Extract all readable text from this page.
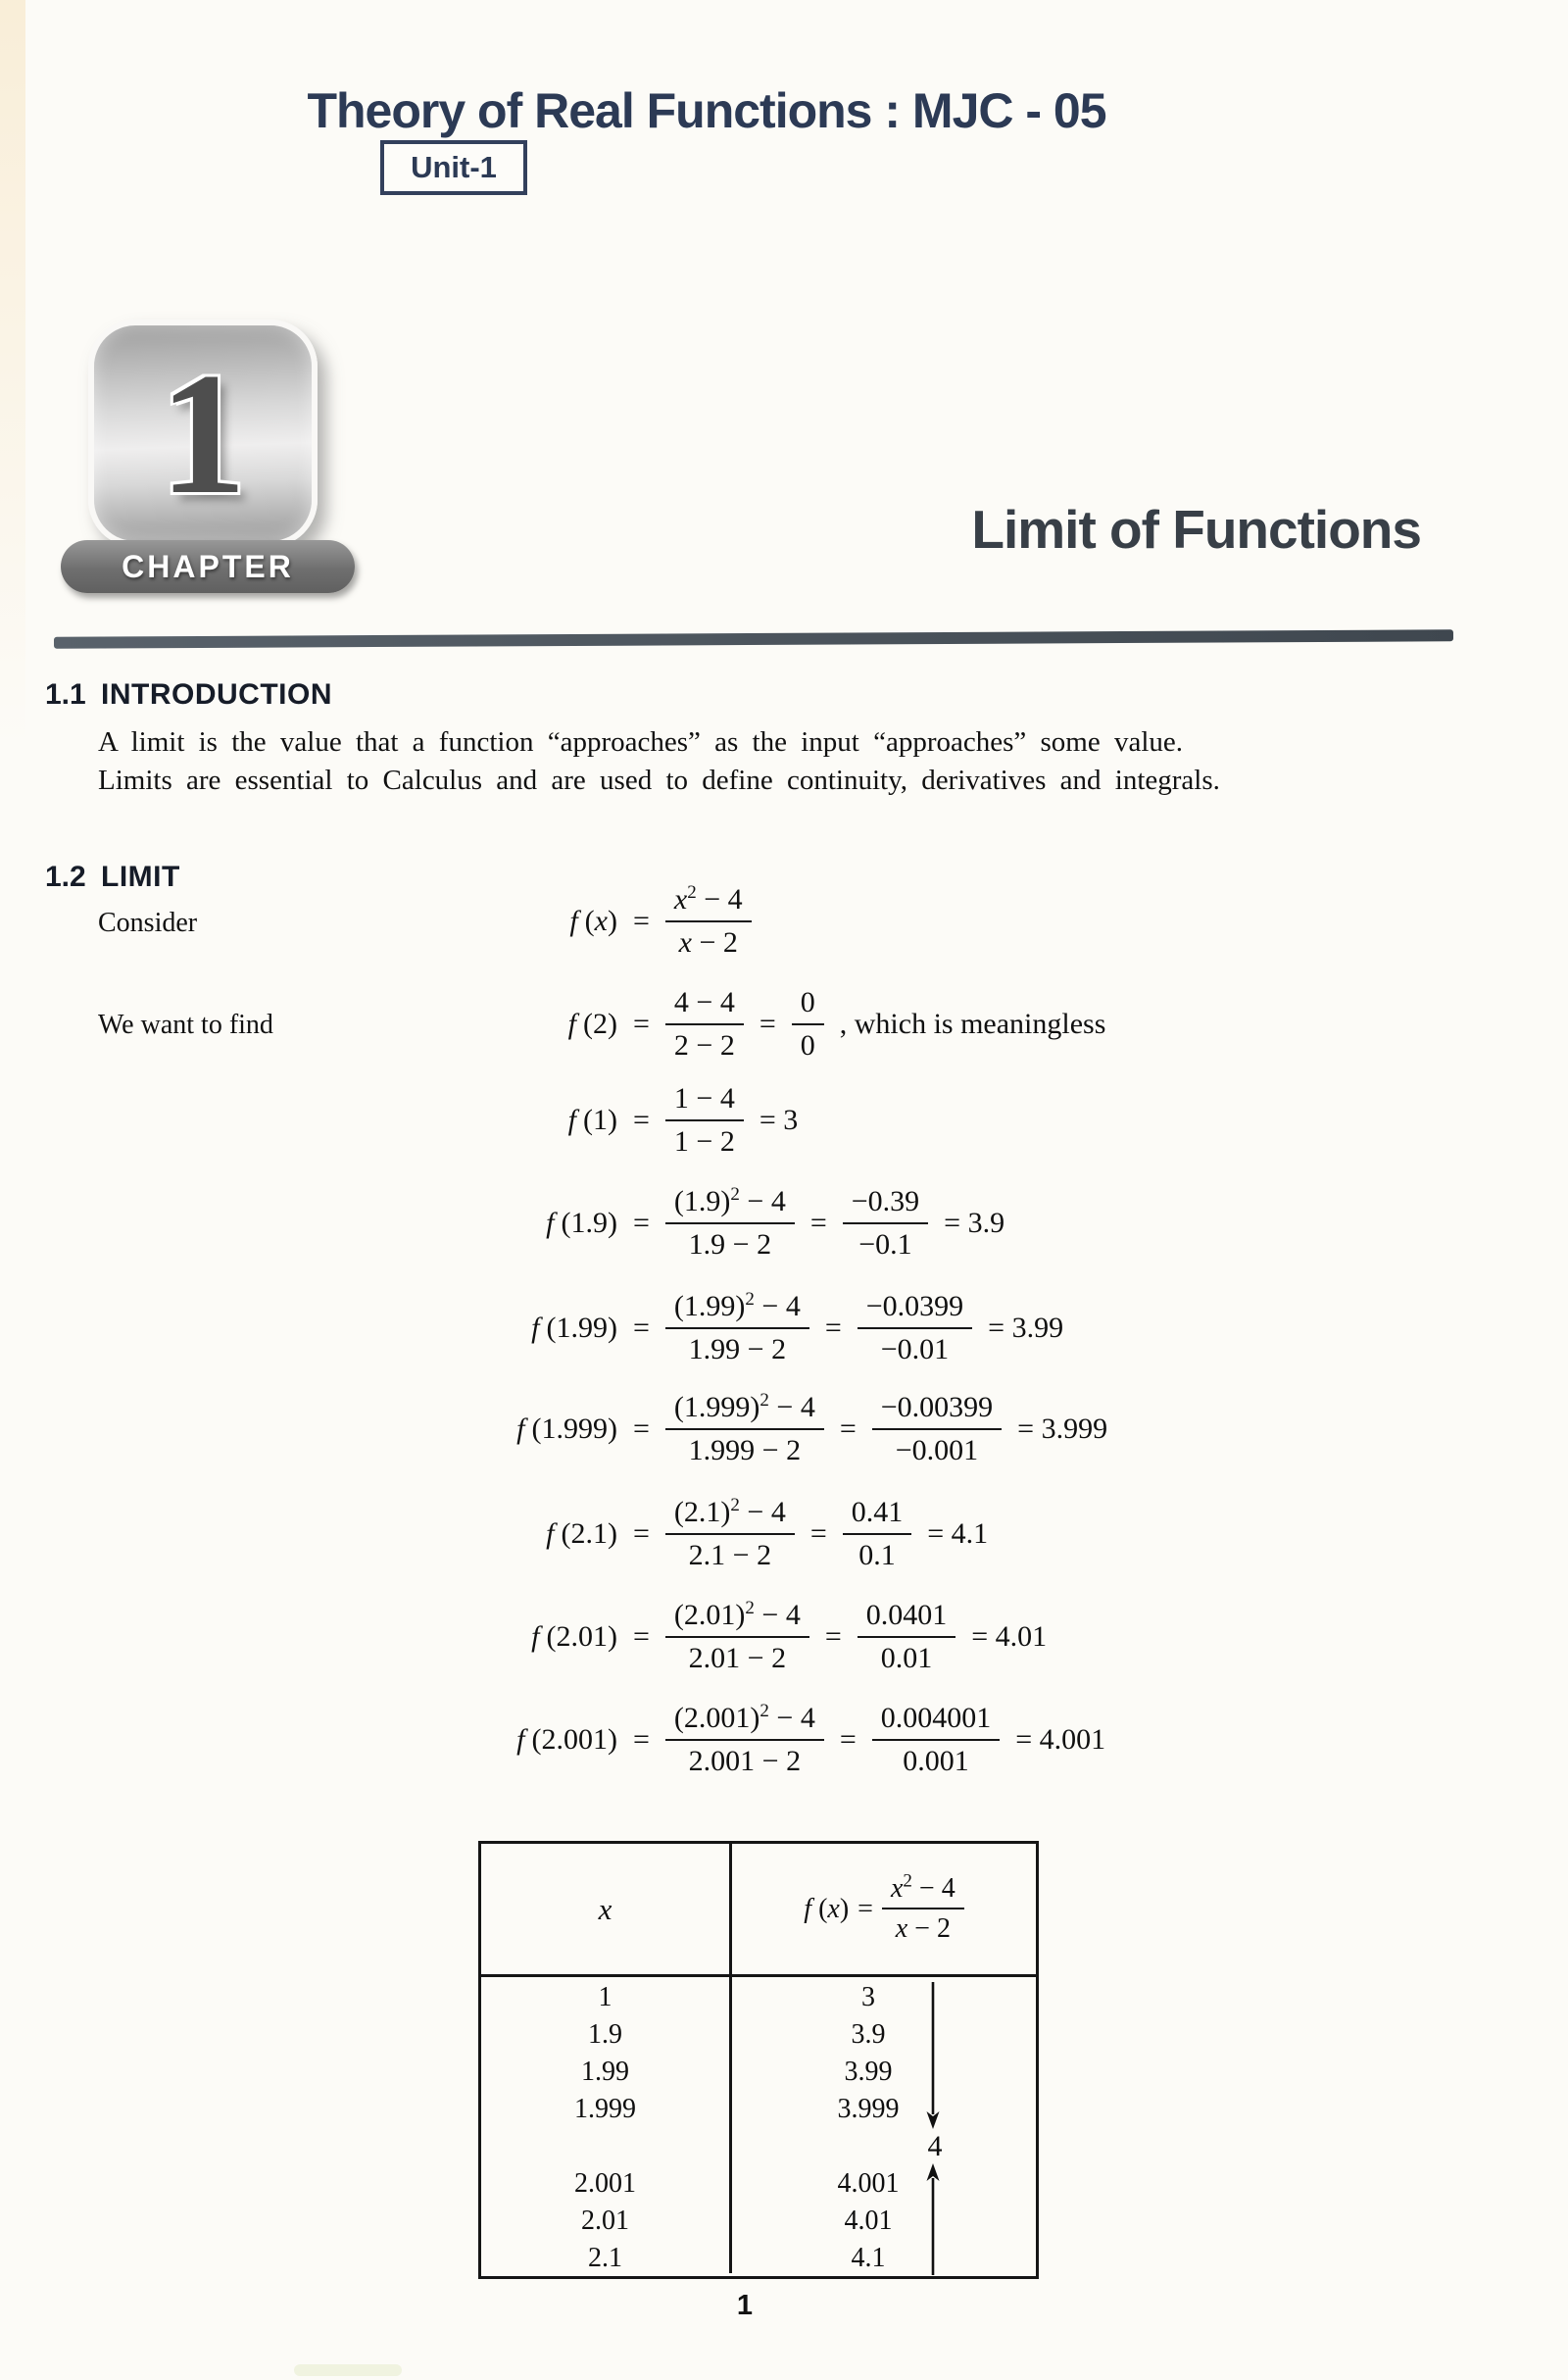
Theory of Real Functions : MJC - 05
Unit-1
1
CHAPTER
Limit of Functions
1.1 INTRODUCTION
A limit is the value that a function “approaches” as the input “approaches” some value.
Limits are essential to Calculus and are used to define continuity, derivatives and integrals.
1.2 LIMIT
Consider
We want to find
f $(x) = \frac{x^2 - 4}{x - 2}$
f $(2) = \frac{4 - 4}{2 - 2} = \frac{0}{0}$ , which is meaningless
f $(1) = \frac{1 - 4}{1 - 2} = 3$
f $(1.9) = \frac{(1.9)^2 - 4}{1.9 - 2} = \frac{-0.39}{-0.1} = 3.9$
f $(1.99) = \frac{(1.99)^2 - 4}{1.99 - 2} = \frac{-0.0399}{-0.01} = 3.99$
f $(1.999) = \frac{(1.999)^2 - 4}{1.999 - 2} = \frac{-0.00399}{-0.001} = 3.999$
f $(2.1) = \frac{(2.1)^2 - 4}{2.1 - 2} = \frac{0.41}{0.1} = 4.1$
f $(2.01) = \frac{(2.01)^2 - 4}{2.01 - 2} = \frac{0.0401}{0.01} = 4.01$
f $(2.001) = \frac{(2.001)^2 - 4}{2.001 - 2} = \frac{0.004001}{0.001} = 4.001$
x	f $(x) = \frac{x^2 - 4}{x - 2}$
1
1.9
1.99
1.999
2.001
2.01
2.1
3
3.9
3.99
3.999
4
4.001
4.01
4.1
1
